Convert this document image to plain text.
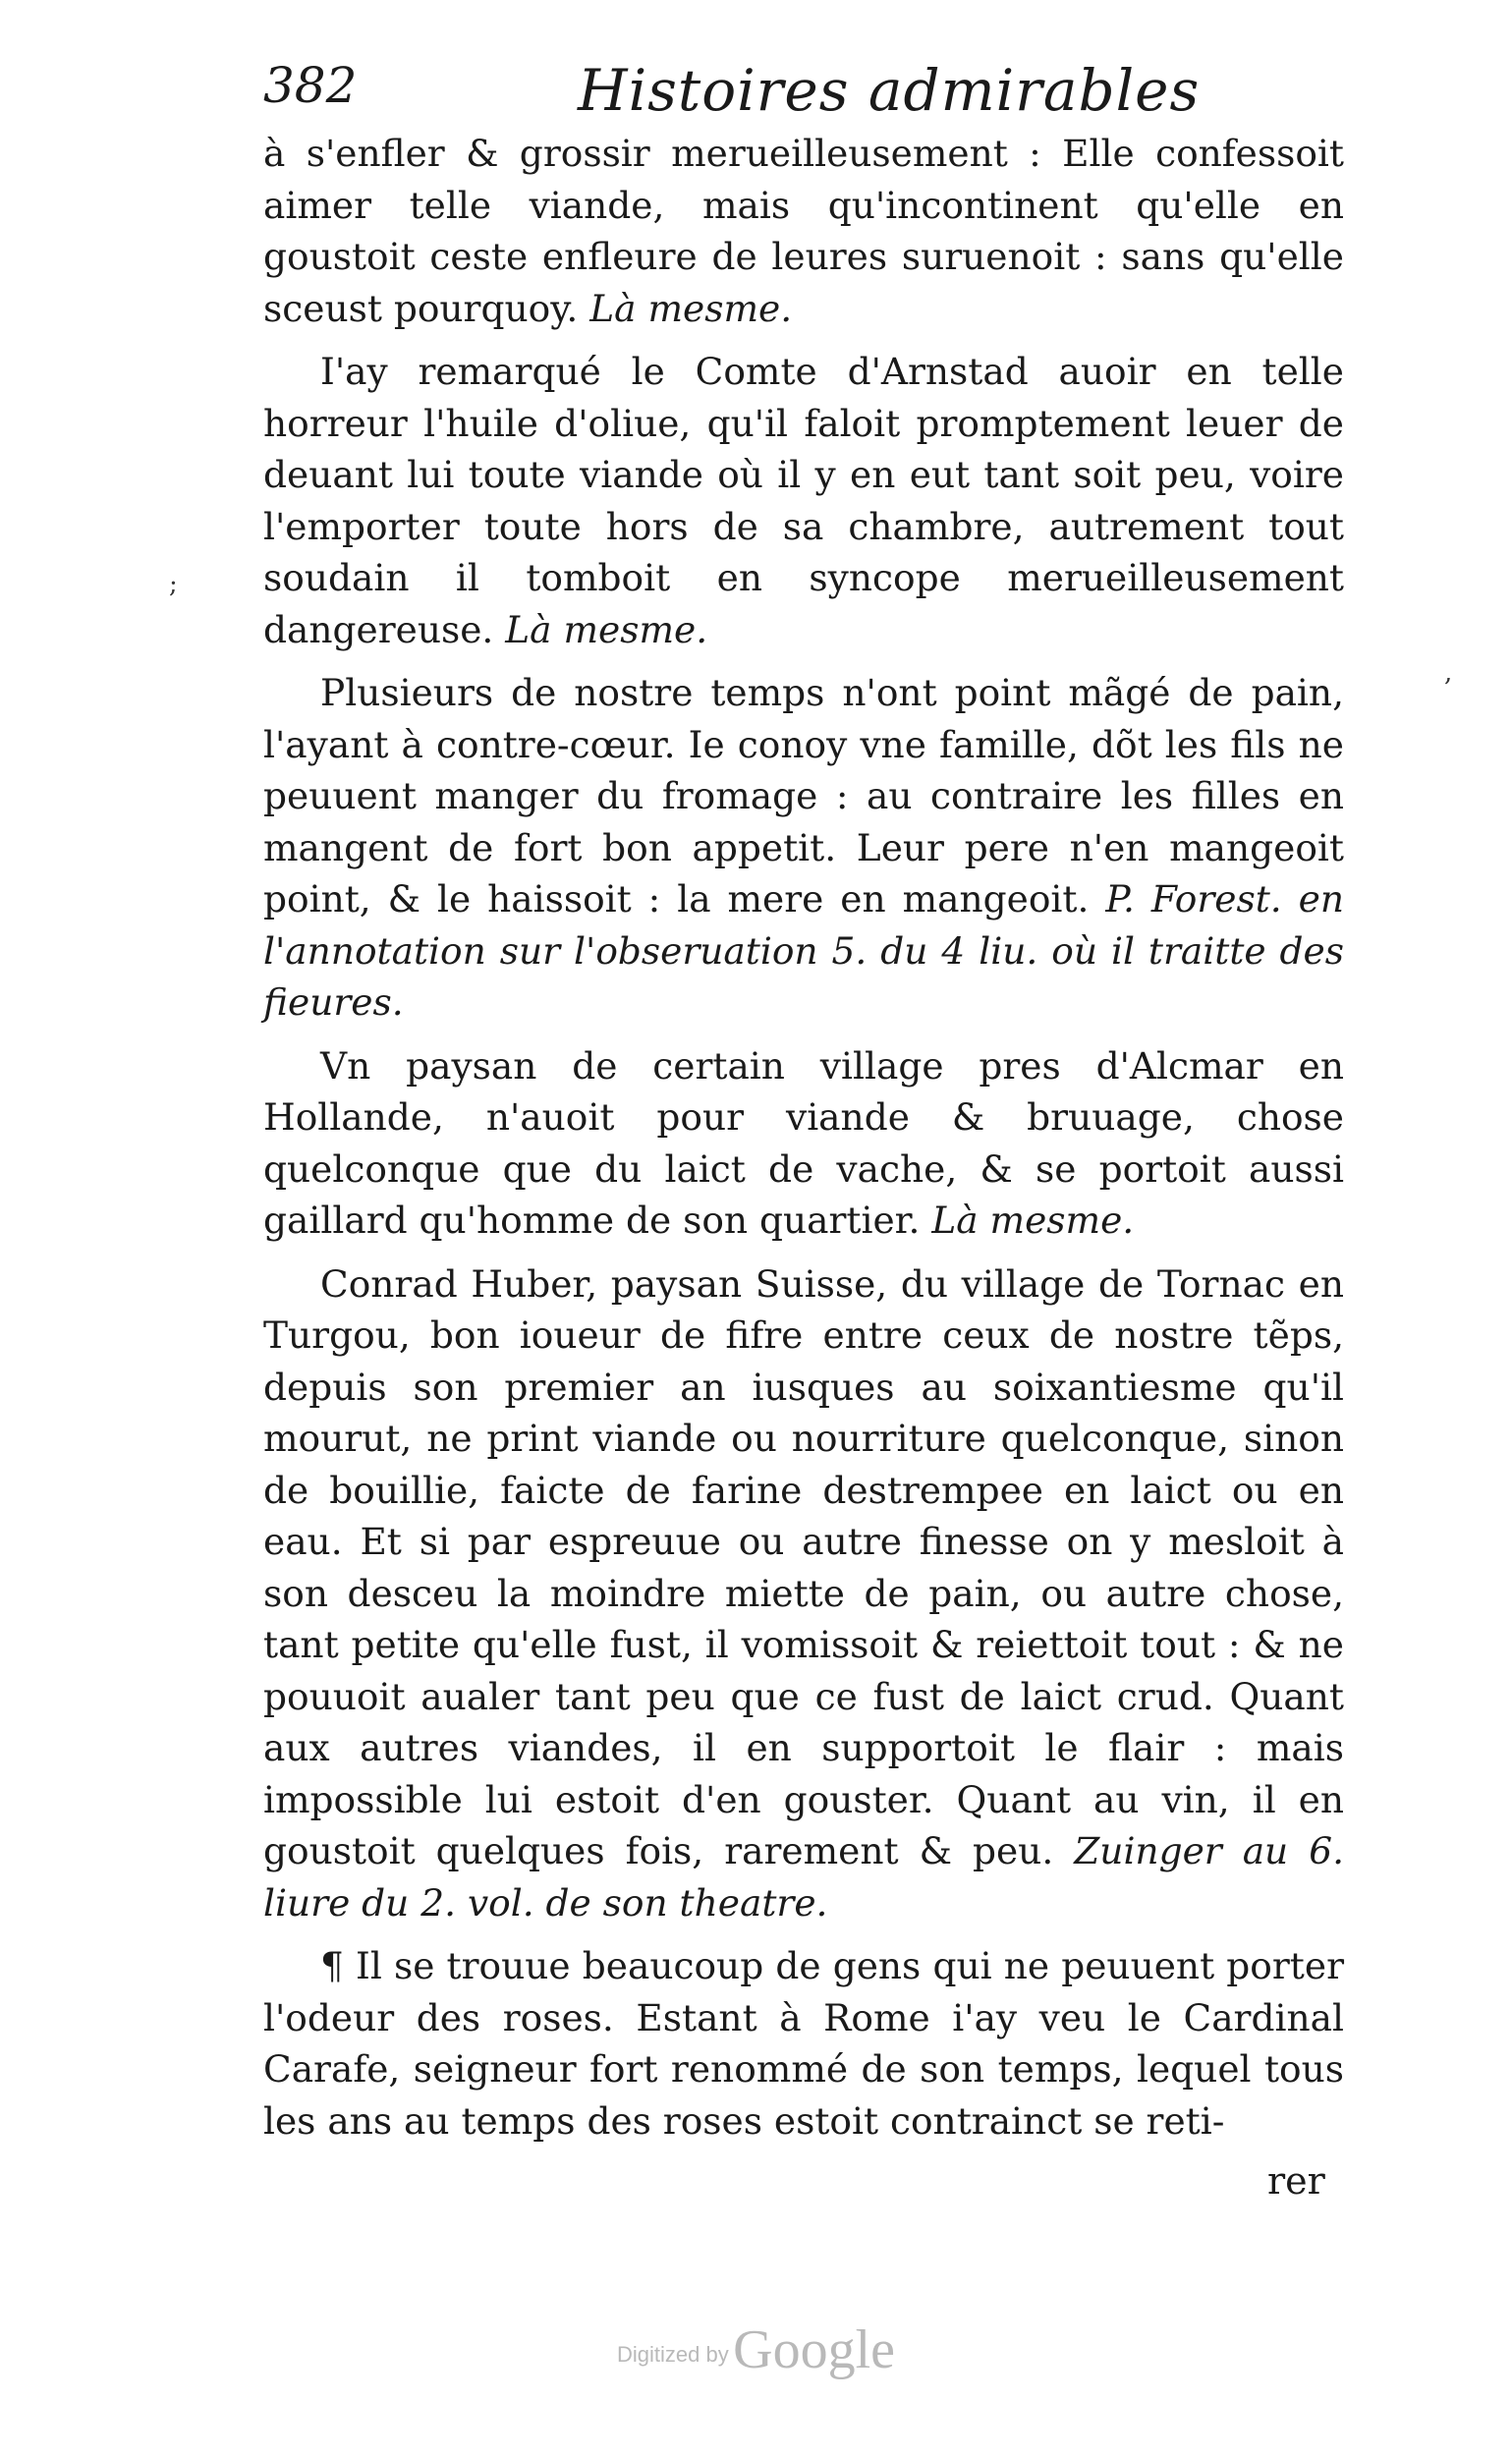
382	Histoires admirables

à s'enfler & grossir merueilleusement : Elle confessoit aimer telle viande, mais qu'incontinent qu'elle en goustoit ceste enfleure de leures suruenoit : sans qu'elle sceust pourquoy. Là mesme.

I'ay remarqué le Comte d'Arnstad auoir en telle horreur l'huile d'oliue, qu'il faloit promptement leuer de deuant lui toute viande où il y en eut tant soit peu, voire l'emporter toute hors de sa chambre, autrement tout soudain il tomboit en syncope merueilleusement dangereuse. Là mesme.

Plusieurs de nostre temps n'ont point mãgé de pain, l'ayant à contre-cœur. Ie conoy vne famille, dõt les fils ne peuuent manger du fromage : au contraire les filles en mangent de fort bon appetit. Leur pere n'en mangeoit point, & le haissoit : la mere en mangeoit. P. Forest. en l'annotation sur l'obseruation 5. du 4 liu. où il traitte des fieures.

Vn paysan de certain village pres d'Alcmar en Hollande, n'auoit pour viande & bruuage, chose quelconque que du laict de vache, & se portoit aussi gaillard qu'homme de son quartier. Là mesme.

Conrad Huber, paysan Suisse, du village de Tornac en Turgou, bon ioueur de fifre entre ceux de nostre tẽps, depuis son premier an iusques au soixantiesme qu'il mourut, ne print viande ou nourriture quelconque, sinon de bouillie, faicte de farine destrempee en laict ou en eau. Et si par espreuue ou autre finesse on y mesloit à son desceu la moindre miette de pain, ou autre chose, tant petite qu'elle fust, il vomissoit & reiettoit tout : & ne pouuoit aualer tant peu que ce fust de laict crud. Quant aux autres viandes, il en supportoit le flair : mais impossible lui estoit d'en gouster. Quant au vin, il en goustoit quelques fois, rarement & peu. Zuinger au 6. liure du 2. vol. de son theatre.

¶ Il se trouue beaucoup de gens qui ne peuuent porter l'odeur des roses. Estant à Rome i'ay veu le Cardinal Carafe, seigneur fort renommé de son temps, lequel tous les ans au temps des roses estoit contrainct se reti-

rer
;
,
Digitized by Google
